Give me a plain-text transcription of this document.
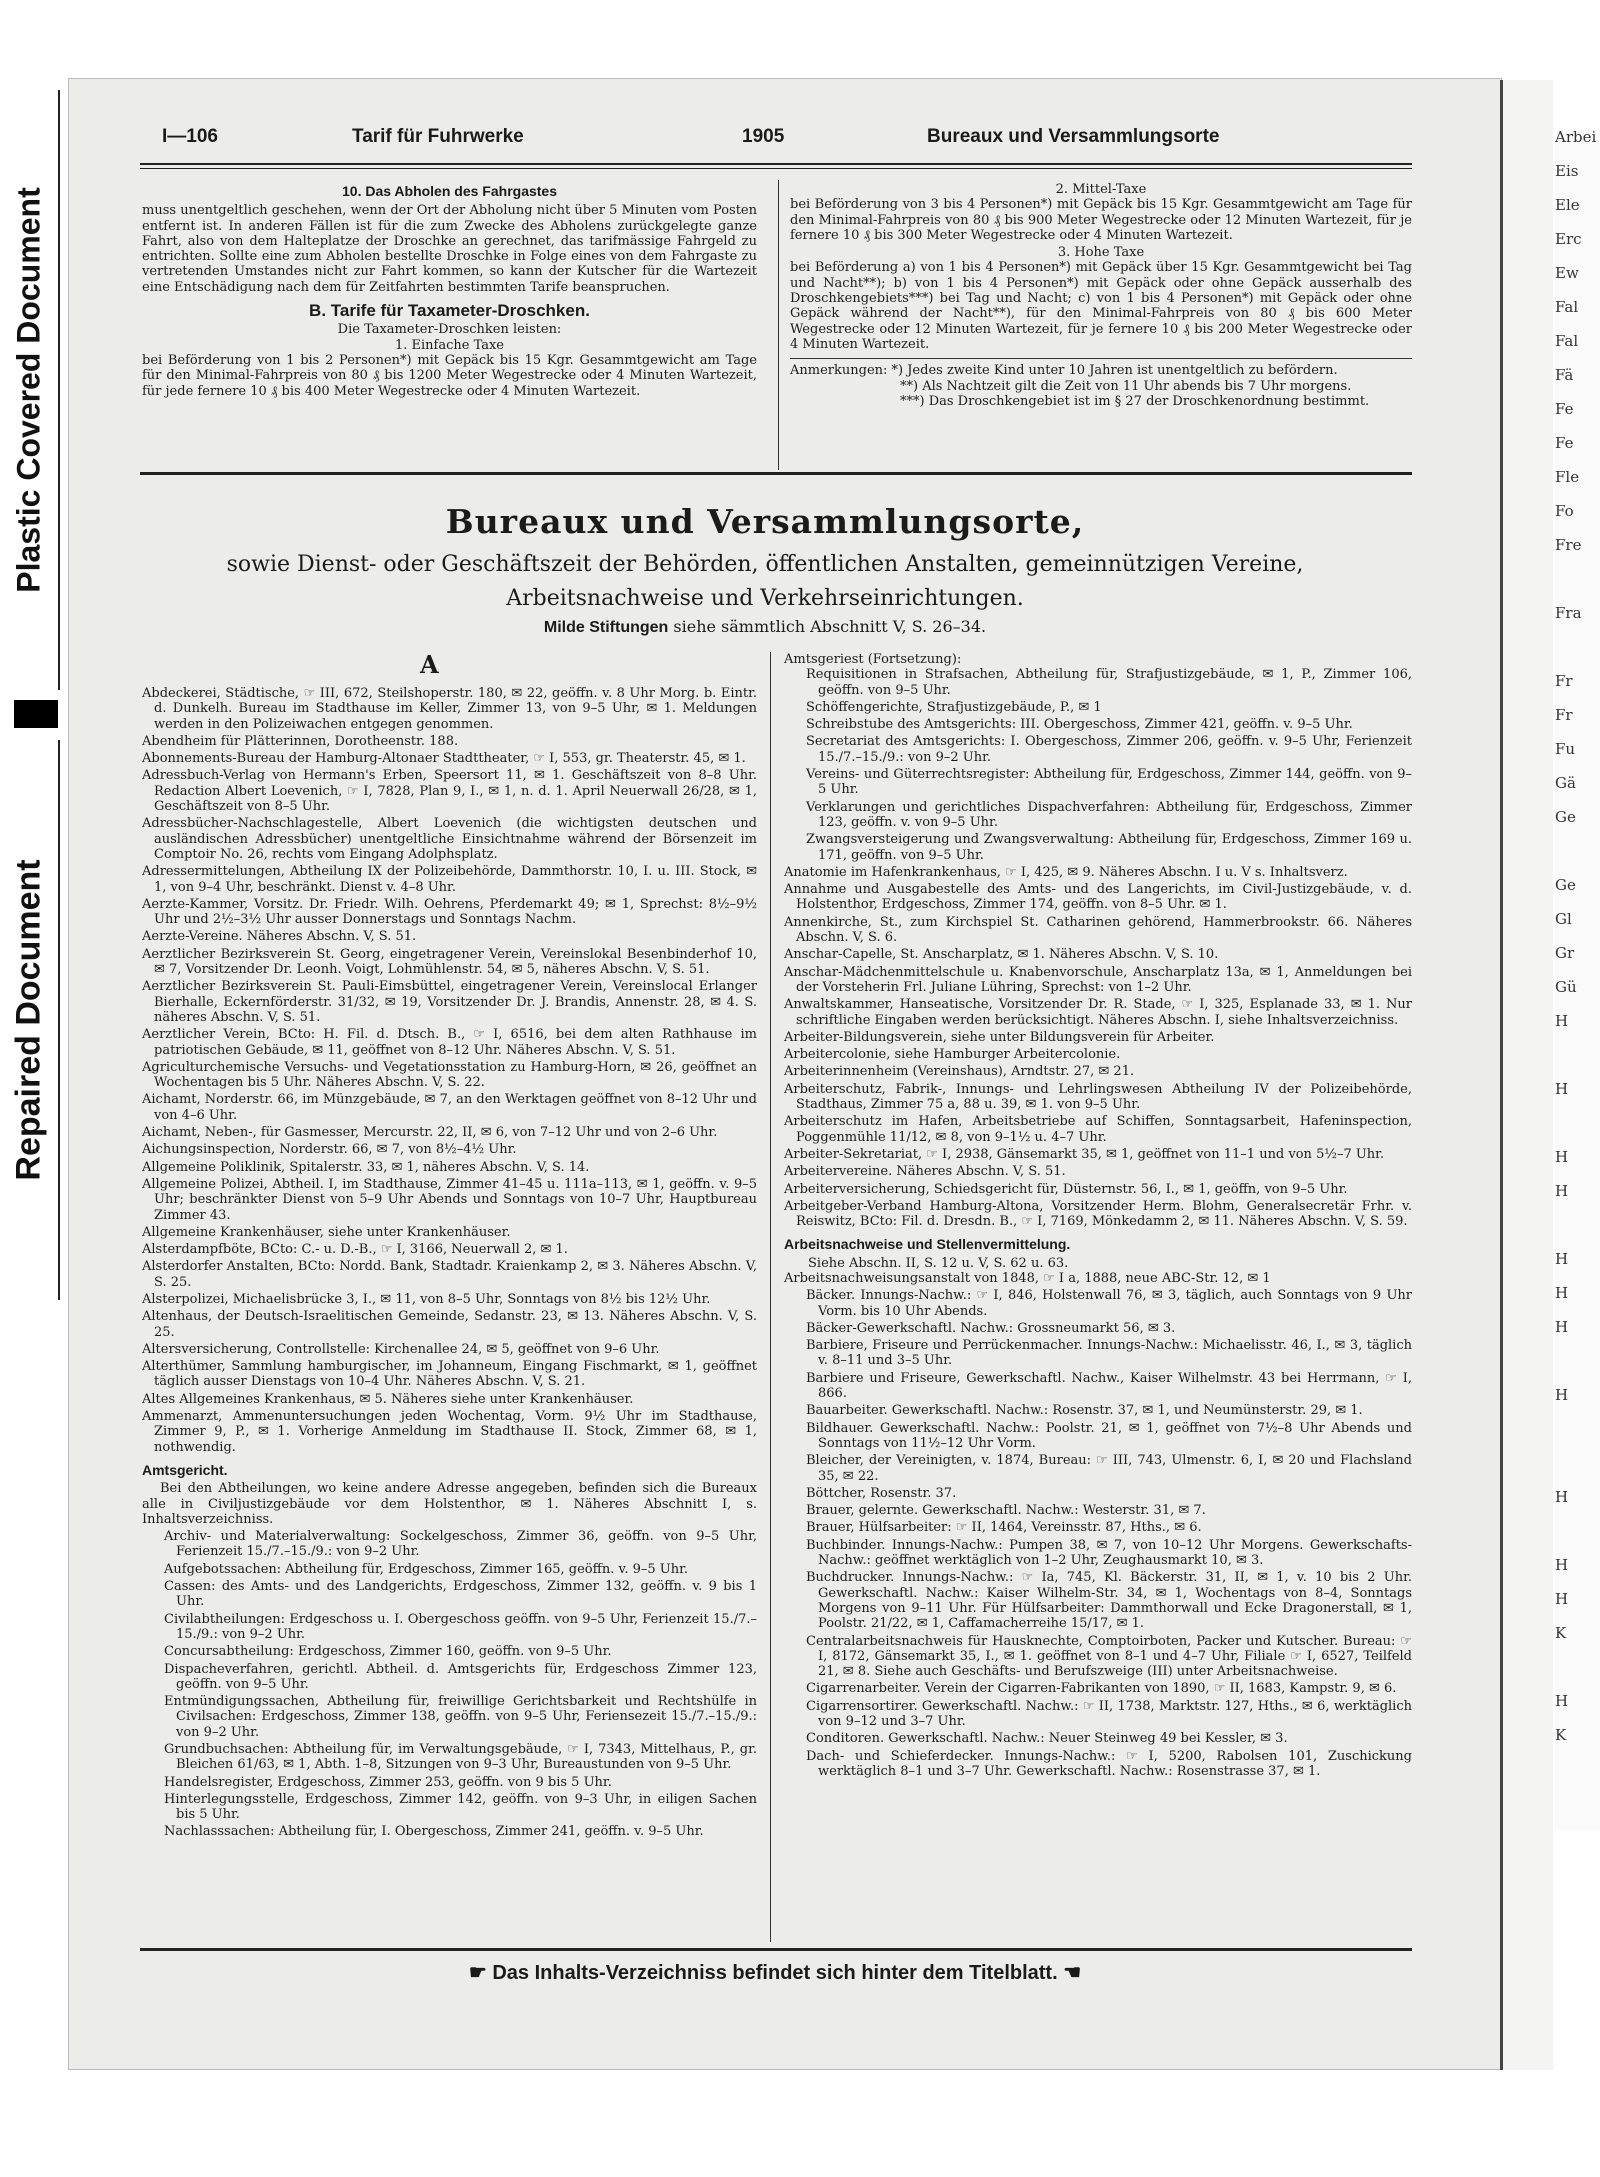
Plastic Covered Document
Repaired Document
Arbei
Eis
Ele
Erc
Ew
Fal
Fal
Fä
Fe
Fe
Fle
Fo
Fre
Fra
Fr
Fr
Fu
Gä
Ge
Ge
Gl
Gr
Gü
H
H
H
H
H
H
H
H
H
H
H
K
H
K
I—106	Tarif für Fuhrwerke	1905	Bureaux und Versammlungsorte
10. Das Abholen des Fahrgastes

muss unentgeltlich geschehen, wenn der Ort der Abholung nicht über 5 Minuten vom Posten entfernt ist. In anderen Fällen ist für die zum Zwecke des Abholens zurückgelegte ganze Fahrt, also von dem Halteplatze der Droschke an gerechnet, das tarifmässige Fahrgeld zu entrichten. Sollte eine zum Abholen bestellte Droschke in Folge eines von dem Fahrgaste zu vertretenden Umstandes nicht zur Fahrt kommen, so kann der Kutscher für die Wartezeit eine Entschädigung nach dem für Zeitfahrten bestimmten Tarife beanspruchen.

B. Tarife für Taxameter-Droschken.
Die Taxameter-Droschken leisten:
1. Einfache Taxe

bei Beförderung von 1 bis 2 Personen*) mit Gepäck bis 15 Kgr. Gesammtgewicht am Tage für den Minimal-Fahrpreis von 80 ₰ bis 1200 Meter Wegestrecke oder 4 Minuten Wartezeit, für jede fernere 10 ₰ bis 400 Meter Wegestrecke oder 4 Minuten Wartezeit.

2. Mittel-Taxe

bei Beförderung von 3 bis 4 Personen*) mit Gepäck bis 15 Kgr. Gesammtgewicht am Tage für den Minimal-Fahrpreis von 80 ₰ bis 900 Meter Wegestrecke oder 12 Minuten Wartezeit, für je fernere 10 ₰ bis 300 Meter Wegestrecke oder 4 Minuten Wartezeit.

3. Hohe Taxe

bei Beförderung a) von 1 bis 4 Personen*) mit Gepäck über 15 Kgr. Gesammtgewicht bei Tag und Nacht**); b) von 1 bis 4 Personen*) mit Gepäck oder ohne Gepäck ausserhalb des Droschkengebiets***) bei Tag und Nacht; c) von 1 bis 4 Personen*) mit Gepäck oder ohne Gepäck während der Nacht**), für den Minimal-Fahrpreis von 80 ₰ bis 600 Meter Wegestrecke oder 12 Minuten Wartezeit, für je fernere 10 ₰ bis 200 Meter Wegestrecke oder 4 Minuten Wartezeit.

Anmerkungen: *) Jedes zweite Kind unter 10 Jahren ist unentgeltlich zu befördern.
**) Als Nachtzeit gilt die Zeit von 11 Uhr abends bis 7 Uhr morgens.
***) Das Droschkengebiet ist im § 27 der Droschkenordnung bestimmt.
Bureaux und Versammlungsorte,
sowie Dienst- oder Geschäftszeit der Behörden, öffentlichen Anstalten, gemeinnützigen Vereine, Arbeitsnachweise und Verkehrseinrichtungen.
Milde Stiftungen siehe sämmtlich Abschnitt V, S. 26–34.
A

Abdeckerei, Städtische, ☞ III, 672, Steilshoperstr. 180, ✉ 22, geöffn. v. 8 Uhr Morg. b. Eintr. d. Dunkelh. Bureau im Stadthause im Keller, Zimmer 13, von 9–5 Uhr, ✉ 1. Meldungen werden in den Polizeiwachen entgegen genommen.

Abendheim für Plätterinnen, Dorotheenstr. 188.

Abonnements-Bureau der Hamburg-Altonaer Stadttheater, ☞ I, 553, gr. Theaterstr. 45, ✉ 1.

Adressbuch-Verlag von Hermann's Erben, Speersort 11, ✉ 1. Geschäftszeit von 8–8 Uhr. Redaction Albert Loevenich, ☞ I, 7828, Plan 9, I., ✉ 1, n. d. 1. April Neuerwall 26/28, ✉ 1, Geschäftszeit von 8–5 Uhr.

Adressbücher-Nachschlagestelle, Albert Loevenich (die wichtigsten deutschen und ausländischen Adressbücher) unentgeltliche Einsichtnahme während der Börsenzeit im Comptoir No. 26, rechts vom Eingang Adolphsplatz.

Adressermittelungen, Abtheilung IX der Polizeibehörde, Dammthorstr. 10, I. u. III. Stock, ✉ 1, von 9–4 Uhr, beschränkt. Dienst v. 4–8 Uhr.

Aerzte-Kammer, Vorsitz. Dr. Friedr. Wilh. Oehrens, Pferdemarkt 49; ✉ 1, Sprechst: 8½–9½ Uhr und 2½–3½ Uhr ausser Donnerstags und Sonntags Nachm.

Aerzte-Vereine. Näheres Abschn. V, S. 51.

Aerztlicher Bezirksverein St. Georg, eingetragener Verein, Vereinslokal Besenbinderhof 10, ✉ 7, Vorsitzender Dr. Leonh. Voigt, Lohmühlenstr. 54, ✉ 5, näheres Abschn. V, S. 51.

Aerztlicher Bezirksverein St. Pauli-Eimsbüttel, eingetragener Verein, Vereinslocal Erlanger Bierhalle, Eckernförderstr. 31/32, ✉ 19, Vorsitzender Dr. J. Brandis, Annenstr. 28, ✉ 4. S. näheres Abschn. V, S. 51.

Aerztlicher Verein, BCto: H. Fil. d. Dtsch. B., ☞ I, 6516, bei dem alten Rathhause im patriotischen Gebäude, ✉ 11, geöffnet von 8–12 Uhr. Näheres Abschn. V, S. 51.

Agriculturchemische Versuchs- und Vegetationsstation zu Hamburg-Horn, ✉ 26, geöffnet an Wochentagen bis 5 Uhr. Näheres Abschn. V, S. 22.

Aichamt, Norderstr. 66, im Münzgebäude, ✉ 7, an den Werktagen geöffnet von 8–12 Uhr und von 4–6 Uhr.

Aichamt, Neben-, für Gasmesser, Mercurstr. 22, II, ✉ 6, von 7–12 Uhr und von 2–6 Uhr.

Aichungsinspection, Norderstr. 66, ✉ 7, von 8½–4½ Uhr.

Allgemeine Poliklinik, Spitalerstr. 33, ✉ 1, näheres Abschn. V, S. 14.

Allgemeine Polizei, Abtheil. I, im Stadthause, Zimmer 41–45 u. 111a–113, ✉ 1, geöffn. v. 9–5 Uhr; beschränkter Dienst von 5–9 Uhr Abends und Sonntags von 10–7 Uhr, Hauptbureau Zimmer 43.

Allgemeine Krankenhäuser, siehe unter Krankenhäuser.

Alsterdampfböte, BCto: C.- u. D.-B., ☞ I, 3166, Neuerwall 2, ✉ 1.

Alsterdorfer Anstalten, BCto: Nordd. Bank, Stadtadr. Kraienkamp 2, ✉ 3. Näheres Abschn. V, S. 25.

Alsterpolizei, Michaelisbrücke 3, I., ✉ 11, von 8–5 Uhr, Sonntags von 8½ bis 12½ Uhr.

Altenhaus, der Deutsch-Israelitischen Gemeinde, Sedanstr. 23, ✉ 13. Näheres Abschn. V, S. 25.

Altersversicherung, Controllstelle: Kirchenallee 24, ✉ 5, geöffnet von 9–6 Uhr.

Alterthümer, Sammlung hamburgischer, im Johanneum, Eingang Fischmarkt, ✉ 1, geöffnet täglich ausser Dienstags von 10–4 Uhr. Näheres Abschn. V, S. 21.

Altes Allgemeines Krankenhaus, ✉ 5. Näheres siehe unter Krankenhäuser.

Ammenarzt, Ammenuntersuchungen jeden Wochentag, Vorm. 9½ Uhr im Stadthause, Zimmer 9, P., ✉ 1. Vorherige Anmeldung im Stadthause II. Stock, Zimmer 68, ✉ 1, nothwendig.

Amtsgericht.

Bei den Abtheilungen, wo keine andere Adresse angegeben, befinden sich die Bureaux alle in Civiljustizgebäude vor dem Holstenthor, ✉ 1. Näheres Abschnitt I, s. Inhaltsverzeichniss.

Archiv- und Materialverwaltung: Sockelgeschoss, Zimmer 36, geöffn. von 9–5 Uhr, Ferienzeit 15./7.–15./9.: von 9–2 Uhr.

Aufgebotssachen: Abtheilung für, Erdgeschoss, Zimmer 165, geöffn. v. 9–5 Uhr.

Cassen: des Amts- und des Landgerichts, Erdgeschoss, Zimmer 132, geöffn. v. 9 bis 1 Uhr.

Civilabtheilungen: Erdgeschoss u. I. Obergeschoss geöffn. von 9–5 Uhr, Ferienzeit 15./7.–15./9.: von 9–2 Uhr.

Concursabtheilung: Erdgeschoss, Zimmer 160, geöffn. von 9–5 Uhr.

Dispacheverfahren, gerichtl. Abtheil. d. Amtsgerichts für, Erdgeschoss Zimmer 123, geöffn. von 9–5 Uhr.

Entmündigungssachen, Abtheilung für, freiwillige Gerichtsbarkeit und Rechtshülfe in Civilsachen: Erdgeschoss, Zimmer 138, geöffn. von 9–5 Uhr, Feriensezeit 15./7.–15./9.: von 9–2 Uhr.

Grundbuchsachen: Abtheilung für, im Verwaltungsgebäude, ☞ I, 7343, Mittelhaus, P., gr. Bleichen 61/63, ✉ 1, Abth. 1–8, Sitzungen von 9–3 Uhr, Bureaustunden von 9–5 Uhr.

Handelsregister, Erdgeschoss, Zimmer 253, geöffn. von 9 bis 5 Uhr.

Hinterlegungsstelle, Erdgeschoss, Zimmer 142, geöffn. von 9–3 Uhr, in eiligen Sachen bis 5 Uhr.

Nachlasssachen: Abtheilung für, I. Obergeschoss, Zimmer 241, geöffn. v. 9–5 Uhr.

Amtsgeriest (Fortsetzung):

Requisitionen in Strafsachen, Abtheilung für, Strafjustizgebäude, ✉ 1, P., Zimmer 106, geöffn. von 9–5 Uhr.

Schöffengerichte, Strafjustizgebäude, P., ✉ 1

Schreibstube des Amtsgerichts: III. Obergeschoss, Zimmer 421, geöffn. v. 9–5 Uhr.

Secretariat des Amtsgerichts: I. Obergeschoss, Zimmer 206, geöffn. v. 9–5 Uhr, Ferienzeit 15./7.–15./9.: von 9–2 Uhr.

Vereins- und Güterrechtsregister: Abtheilung für, Erdgeschoss, Zimmer 144, geöffn. von 9–5 Uhr.

Verklarungen und gerichtliches Dispachverfahren: Abtheilung für, Erdgeschoss, Zimmer 123, geöffn. v. von 9–5 Uhr.

Zwangsversteigerung und Zwangsverwaltung: Abtheilung für, Erdgeschoss, Zimmer 169 u. 171, geöffn. von 9–5 Uhr.

Anatomie im Hafenkrankenhaus, ☞ I, 425, ✉ 9. Näheres Abschn. I u. V s. Inhaltsverz.

Annahme und Ausgabestelle des Amts- und des Langerichts, im Civil-Justizgebäude, v. d. Holstenthor, Erdgeschoss, Zimmer 174, geöffn. von 8–5 Uhr. ✉ 1.

Annenkirche, St., zum Kirchspiel St. Catharinen gehörend, Hammerbrookstr. 66. Näheres Abschn. V, S. 6.

Anschar-Capelle, St. Anscharplatz, ✉ 1. Näheres Abschn. V, S. 10.

Anschar-Mädchenmittelschule u. Knabenvorschule, Anscharplatz 13a, ✉ 1, Anmeldungen bei der Vorsteherin Frl. Juliane Lühring, Sprechst: von 1–2 Uhr.

Anwaltskammer, Hanseatische, Vorsitzender Dr. R. Stade, ☞ I, 325, Esplanade 33, ✉ 1. Nur schriftliche Eingaben werden berücksichtigt. Näheres Abschn. I, siehe Inhaltsverzeichniss.

Arbeiter-Bildungsverein, siehe unter Bildungsverein für Arbeiter.

Arbeitercolonie, siehe Hamburger Arbeitercolonie.

Arbeiterinnenheim (Vereinshaus), Arndtstr. 27, ✉ 21.

Arbeiterschutz, Fabrik-, Innungs- und Lehrlingswesen Abtheilung IV der Polizeibehörde, Stadthaus, Zimmer 75 a, 88 u. 39, ✉ 1. von 9–5 Uhr.

Arbeiterschutz im Hafen, Arbeitsbetriebe auf Schiffen, Sonntagsarbeit, Hafeninspection, Poggenmühle 11/12, ✉ 8, von 9–1½ u. 4–7 Uhr.

Arbeiter-Sekretariat, ☞ I, 2938, Gänsemarkt 35, ✉ 1, geöffnet von 11–1 und von 5½–7 Uhr.

Arbeitervereine. Näheres Abschn. V, S. 51.

Arbeiterversicherung, Schiedsgericht für, Düsternstr. 56, I., ✉ 1, geöffn, von 9–5 Uhr.

Arbeitgeber-Verband Hamburg-Altona, Vorsitzender Herm. Blohm, Generalsecretär Frhr. v. Reiswitz, BCto: Fil. d. Dresdn. B., ☞ I, 7169, Mönkedamm 2, ✉ 11. Näheres Abschn. V, S. 59.

Arbeitsnachweise und Stellenvermittelung.
Siehe Abschn. II, S. 12 u. V, S. 62 u. 63.

Arbeitsnachweisungsanstalt von 1848, ☞ I a, 1888, neue ABC-Str. 12, ✉ 1

Bäcker. Innungs-Nachw.: ☞ I, 846, Holstenwall 76, ✉ 3, täglich, auch Sonntags von 9 Uhr Vorm. bis 10 Uhr Abends.

Bäcker-Gewerkschaftl. Nachw.: Grossneumarkt 56, ✉ 3.

Barbiere, Friseure und Perrückenmacher. Innungs-Nachw.: Michaelisstr. 46, I., ✉ 3, täglich v. 8–11 und 3–5 Uhr.

Barbiere und Friseure, Gewerkschaftl. Nachw., Kaiser Wilhelmstr. 43 bei Herrmann, ☞ I, 866.

Bauarbeiter. Gewerkschaftl. Nachw.: Rosenstr. 37, ✉ 1, und Neumünsterstr. 29, ✉ 1.

Bildhauer. Gewerkschaftl. Nachw.: Poolstr. 21, ✉ 1, geöffnet von 7½–8 Uhr Abends und Sonntags von 11½–12 Uhr Vorm.

Bleicher, der Vereinigten, v. 1874, Bureau: ☞ III, 743, Ulmenstr. 6, I, ✉ 20 und Flachsland 35, ✉ 22.

Böttcher, Rosenstr. 37.

Brauer, gelernte. Gewerkschaftl. Nachw.: Westerstr. 31, ✉ 7.

Brauer, Hülfsarbeiter: ☞ II, 1464, Vereinsstr. 87, Hths., ✉ 6.

Buchbinder. Innungs-Nachw.: Pumpen 38, ✉ 7, von 10–12 Uhr Morgens. Gewerkschafts-Nachw.: geöffnet werktäglich von 1–2 Uhr, Zeughausmarkt 10, ✉ 3.

Buchdrucker. Innungs-Nachw.: ☞ Ia, 745, Kl. Bäckerstr. 31, II, ✉ 1, v. 10 bis 2 Uhr. Gewerkschaftl. Nachw.: Kaiser Wilhelm-Str. 34, ✉ 1, Wochentags von 8–4, Sonntags Morgens von 9–11 Uhr. Für Hülfsarbeiter: Dammthorwall und Ecke Dragonerstall, ✉ 1, Poolstr. 21/22, ✉ 1, Caffamacherreihe 15/17, ✉ 1.

Centralarbeitsnachweis für Hausknechte, Comptoirboten, Packer und Kutscher. Bureau: ☞ I, 8172, Gänsemarkt 35, I., ✉ 1. geöffnet von 8–1 und 4–7 Uhr, Filiale ☞ I, 6527, Teilfeld 21, ✉ 8. Siehe auch Geschäfts- und Berufszweige (III) unter Arbeitsnachweise.

Cigarrenarbeiter. Verein der Cigarren-Fabrikanten von 1890, ☞ II, 1683, Kampstr. 9, ✉ 6.

Cigarrensortirer. Gewerkschaftl. Nachw.: ☞ II, 1738, Marktstr. 127, Hths., ✉ 6, werktäglich von 9–12 und 3–7 Uhr.

Conditoren. Gewerkschaftl. Nachw.: Neuer Steinweg 49 bei Kessler, ✉ 3.

Dach- und Schieferdecker. Innungs-Nachw.: ☞ I, 5200, Rabolsen 101, Zuschickung werktäglich 8–1 und 3–7 Uhr. Gewerkschaftl. Nachw.: Rosenstrasse 37, ✉ 1.

☛ Das Inhalts-Verzeichniss befindet sich hinter dem Titelblatt. ☚
